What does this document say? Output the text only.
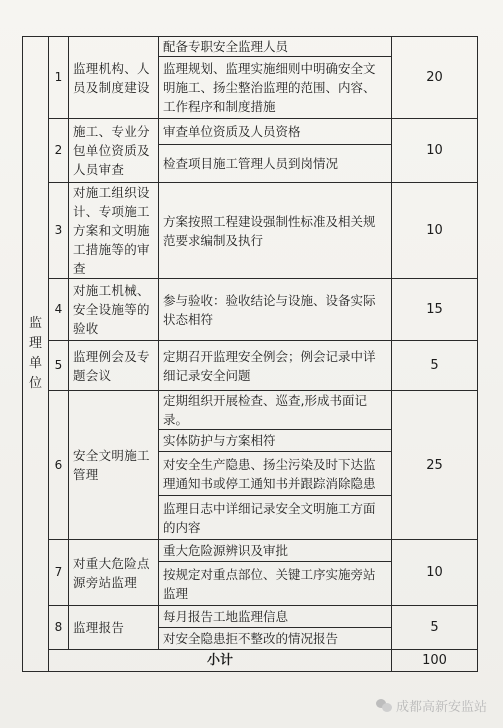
监理单位	1	监理机构、人员及制度建设	配备专职安全监理人员	20
			监理规划、监理实施细则中明确安全文明施工、扬尘整治监理的范围、内容、工作程序和制度措施	
	2	施工、专业分包单位资质及人员审查	审查单位资质及人员资格	10
			检查项目施工管理人员到岗情况	
	3	对施工组织设计、专项施工方案和文明施工措施等的审查	方案按照工程建设强制性标准及相关规范要求编制及执行	10
	4	对施工机械、安全设施等的验收	参与验收：验收结论与设施、设备实际状态相符	15
	5	监理例会及专题会议	定期召开监理安全例会；例会记录中详细记录安全问题	5
	6	安全文明施工管理	定期组织开展检查、巡查,形成书面记录。	25
			实体防护与方案相符	
			对安全生产隐患、扬尘污染及时下达监理通知书或停工通知书并跟踪消除隐患	
			监理日志中详细记录安全文明施工方面的内容	
	7	对重大危险点源旁站监理	重大危险源辨识及审批	10
			按规定对重点部位、关键工序实施旁站监理	
	8	监理报告	每月报告工地监理信息	5
			对安全隐患拒不整改的情况报告	
	小计			100
成都高新安监站
